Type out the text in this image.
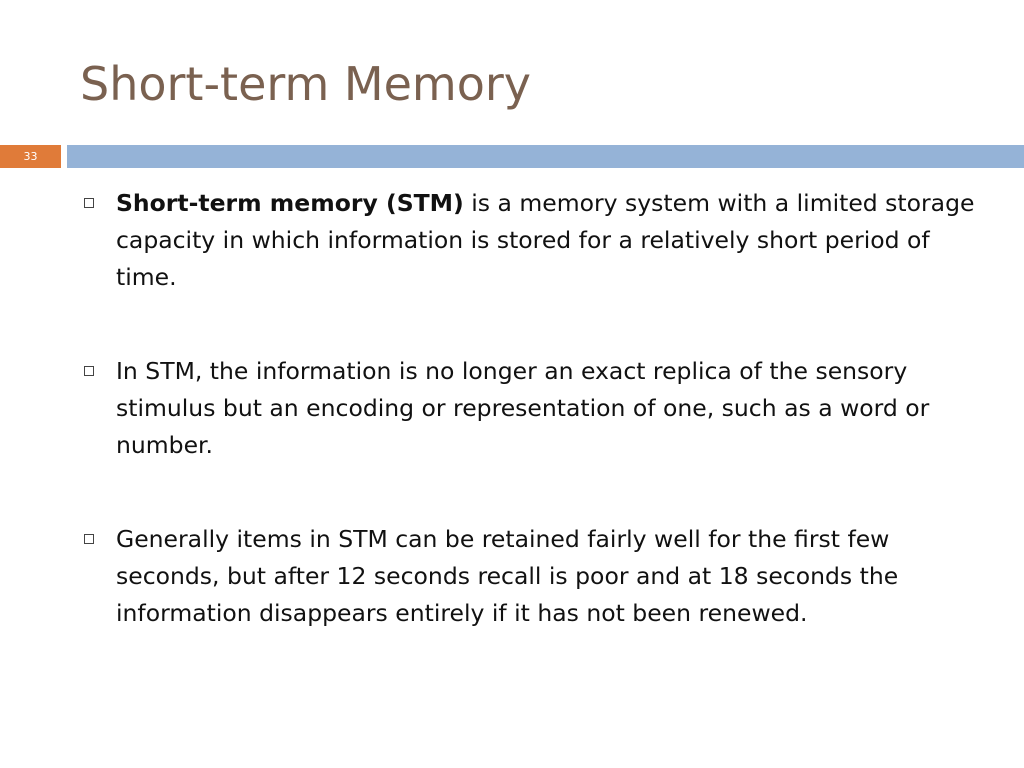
Short-term Memory
33
Short-term memory (STM) is a memory system with a limited storage capacity in which information is stored for a relatively short period of time.
In STM, the information is no longer an exact replica of the sensory stimulus but an encoding or representation of one, such as a word or number.
Generally items in STM can be retained fairly well for the first few seconds, but after 12 seconds recall is poor and at 18 seconds the information disappears entirely if it has not been renewed.
